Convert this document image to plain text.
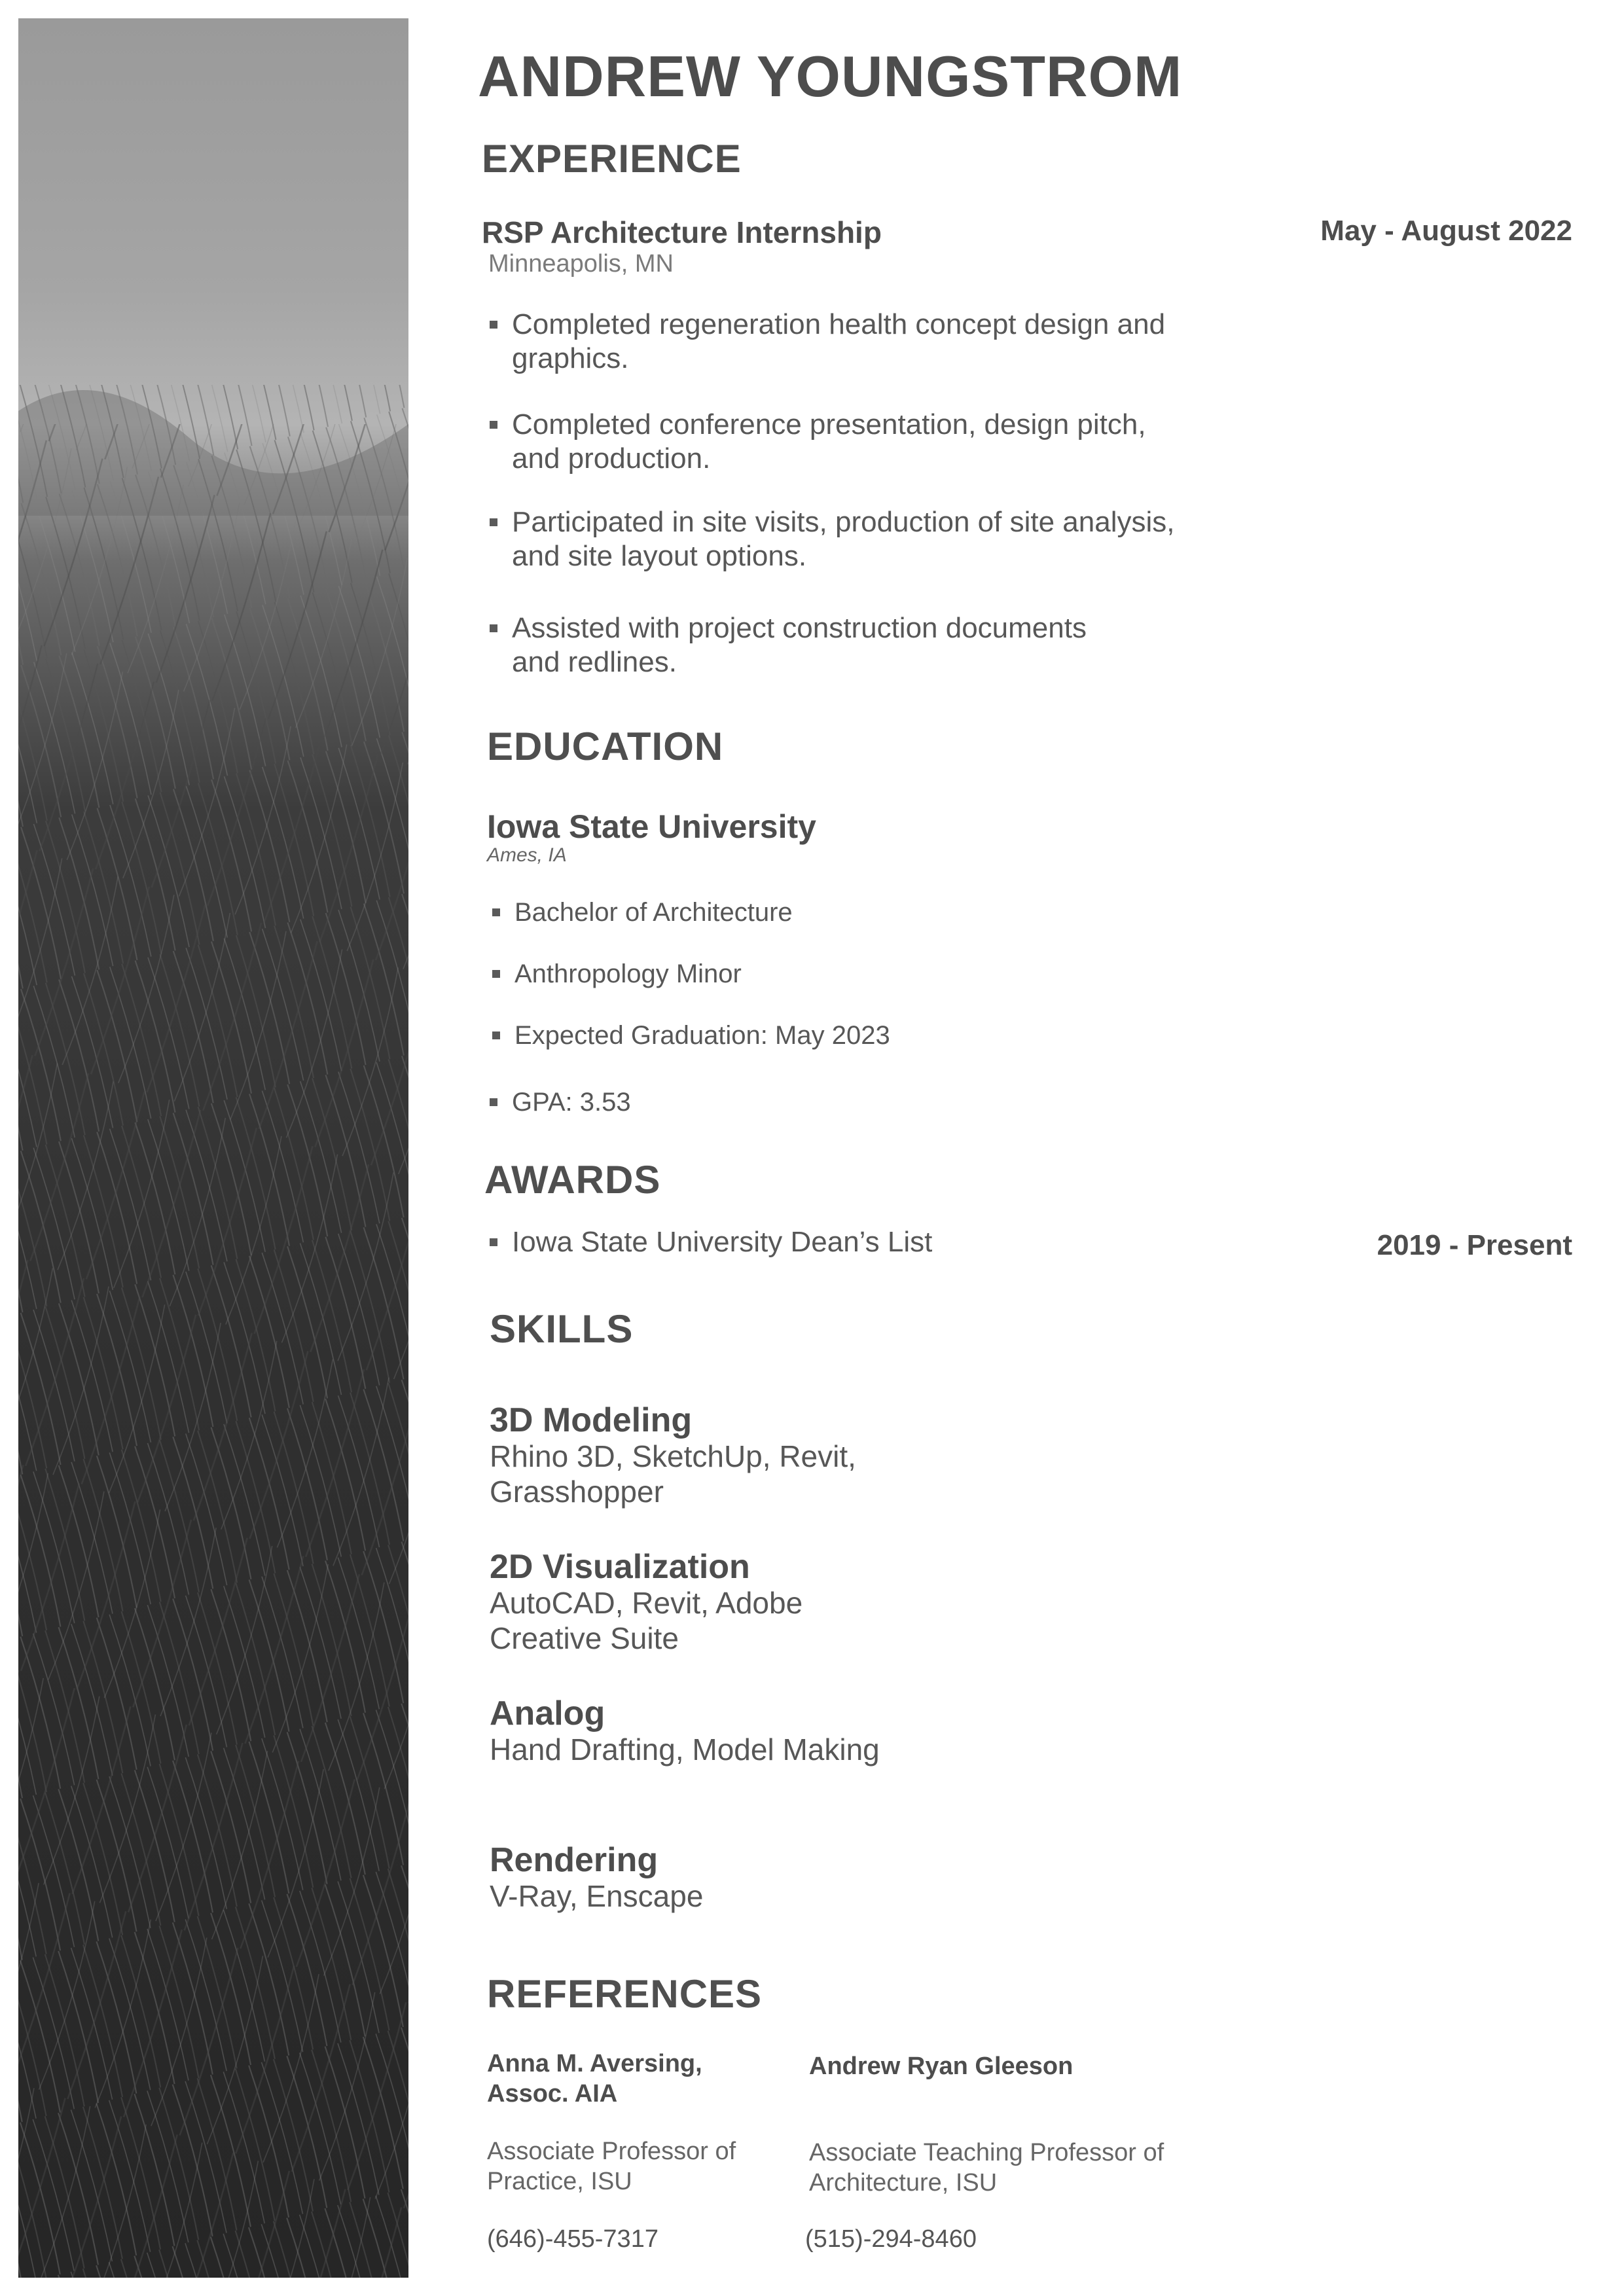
ANDREW YOUNGSTROM
EXPERIENCE
RSP Architecture Internship	May - August 2022
Minneapolis, MN
Completed regeneration health concept design and graphics.
Completed conference presentation, design pitch, and production.
Participated in site visits, production of site analysis, and site layout options.
Assisted with project construction documents and redlines.
EDUCATION
Iowa State University
Ames, IA
Bachelor of Architecture
Anthropology Minor
Expected Graduation: May 2023
GPA: 3.53
AWARDS
Iowa State University Dean’s List	2019 - Present
SKILLS
3D Modeling
Rhino 3D, SketchUp, Revit, Grasshopper
2D Visualization
AutoCAD, Revit, Adobe Creative Suite
Analog
Hand Drafting, Model Making
Rendering
V-Ray, Enscape
REFERENCES
Anna M. Aversing, Assoc. AIA
Associate Professor of Practice, ISU
(646)-455-7317
Andrew Ryan Gleeson
Associate Teaching Professor of Architecture, ISU
(515)-294-8460
